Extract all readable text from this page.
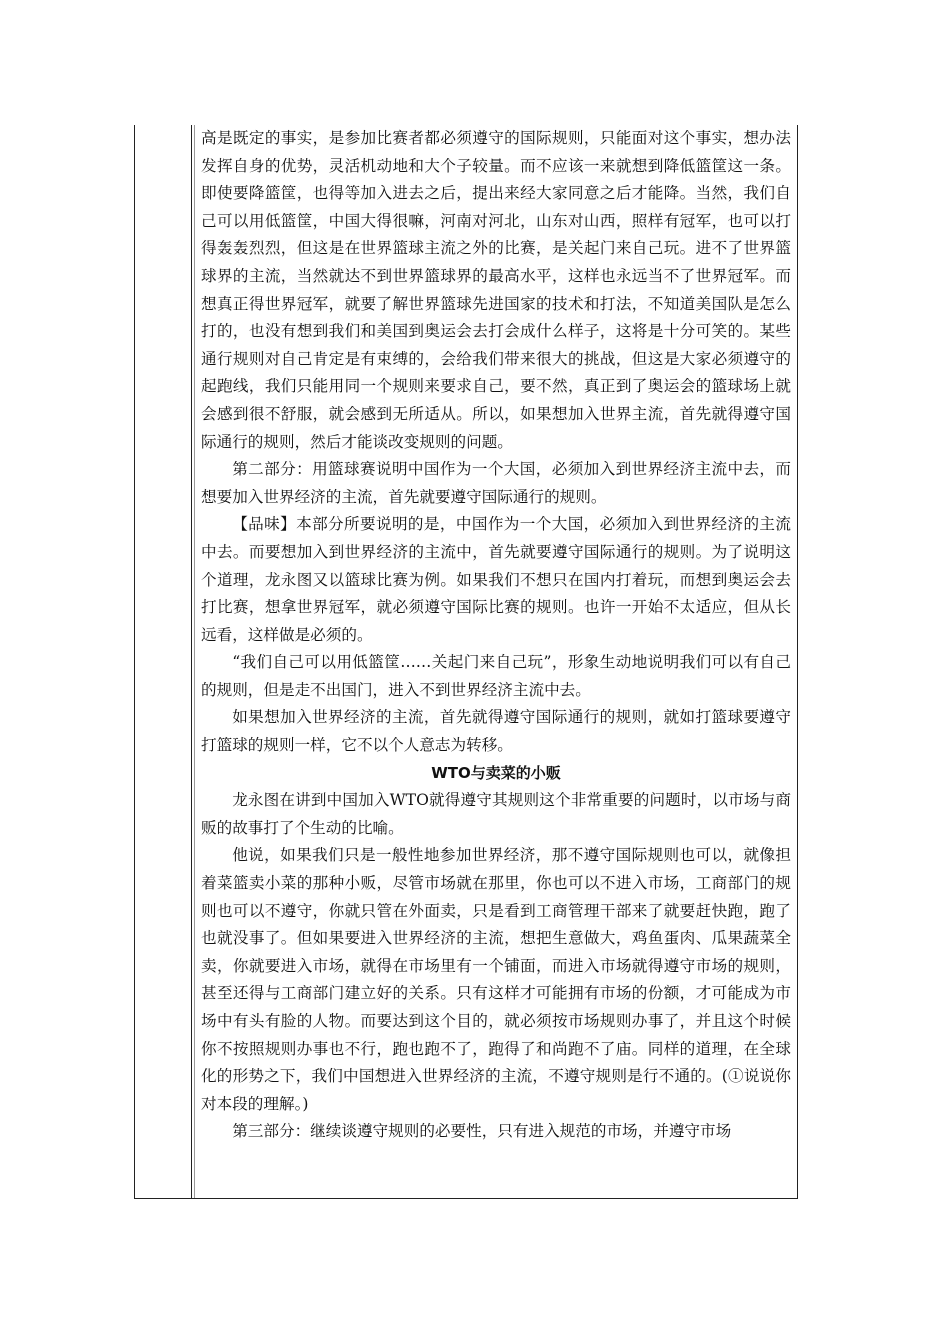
高是既定的事实，是参加比赛者都必须遵守的国际规则，只能面对这个事实，想办法发挥自身的优势，灵活机动地和大个子较量。而不应该一来就想到降低篮筐这一条。即使要降篮筐，也得等加入进去之后，提出来经大家同意之后才能降。当然，我们自己可以用低篮筐，中国大得很嘛，河南对河北，山东对山西，照样有冠军，也可以打得轰轰烈烈，但这是在世界篮球主流之外的比赛，是关起门来自己玩。进不了世界篮球界的主流，当然就达不到世界篮球界的最高水平，这样也永远当不了世界冠军。而想真正得世界冠军，就要了解世界篮球先进国家的技术和打法，不知道美国队是怎么打的，也没有想到我们和美国到奥运会去打会成什么样子，这将是十分可笑的。某些通行规则对自己肯定是有束缚的，会给我们带来很大的挑战，但这是大家必须遵守的起跑线，我们只能用同一个规则来要求自己，要不然，真正到了奥运会的篮球场上就会感到很不舒服，就会感到无所适从。所以，如果想加入世界主流，首先就得遵守国际通行的规则，然后才能谈改变规则的问题。

第二部分：用篮球赛说明中国作为一个大国，必须加入到世界经济主流中去，而想要加入世界经济的主流，首先就要遵守国际通行的规则。

【品味】本部分所要说明的是，中国作为一个大国，必须加入到世界经济的主流中去。而要想加入到世界经济的主流中，首先就要遵守国际通行的规则。为了说明这个道理，龙永图又以篮球比赛为例。如果我们不想只在国内打着玩，而想到奥运会去打比赛，想拿世界冠军，就必须遵守国际比赛的规则。也许一开始不太适应，但从长远看，这样做是必须的。

“我们自己可以用低篮筐……关起门来自己玩”，形象生动地说明我们可以有自己的规则，但是走不出国门，进入不到世界经济主流中去。

如果想加入世界经济的主流，首先就得遵守国际通行的规则，就如打篮球要遵守打篮球的规则一样，它不以个人意志为转移。

WTO与卖菜的小贩

龙永图在讲到中国加入WTO就得遵守其规则这个非常重要的问题时，以市场与商贩的故事打了个生动的比喻。

他说，如果我们只是一般性地参加世界经济，那不遵守国际规则也可以，就像担着菜篮卖小菜的那种小贩，尽管市场就在那里，你也可以不进入市场，工商部门的规则也可以不遵守，你就只管在外面卖，只是看到工商管理干部来了就要赶快跑，跑了也就没事了。但如果要进入世界经济的主流，想把生意做大，鸡鱼蛋肉、瓜果蔬菜全卖，你就要进入市场，就得在市场里有一个铺面，而进入市场就得遵守市场的规则，甚至还得与工商部门建立好的关系。只有这样才可能拥有市场的份额，才可能成为市场中有头有脸的人物。而要达到这个目的，就必须按市场规则办事了，并且这个时候你不按照规则办事也不行，跑也跑不了，跑得了和尚跑不了庙。同样的道理，在全球化的形势之下，我们中国想进入世界经济的主流，不遵守规则是行不通的。(①说说你对本段的理解。)

第三部分：继续谈遵守规则的必要性，只有进入规范的市场，并遵守市场
